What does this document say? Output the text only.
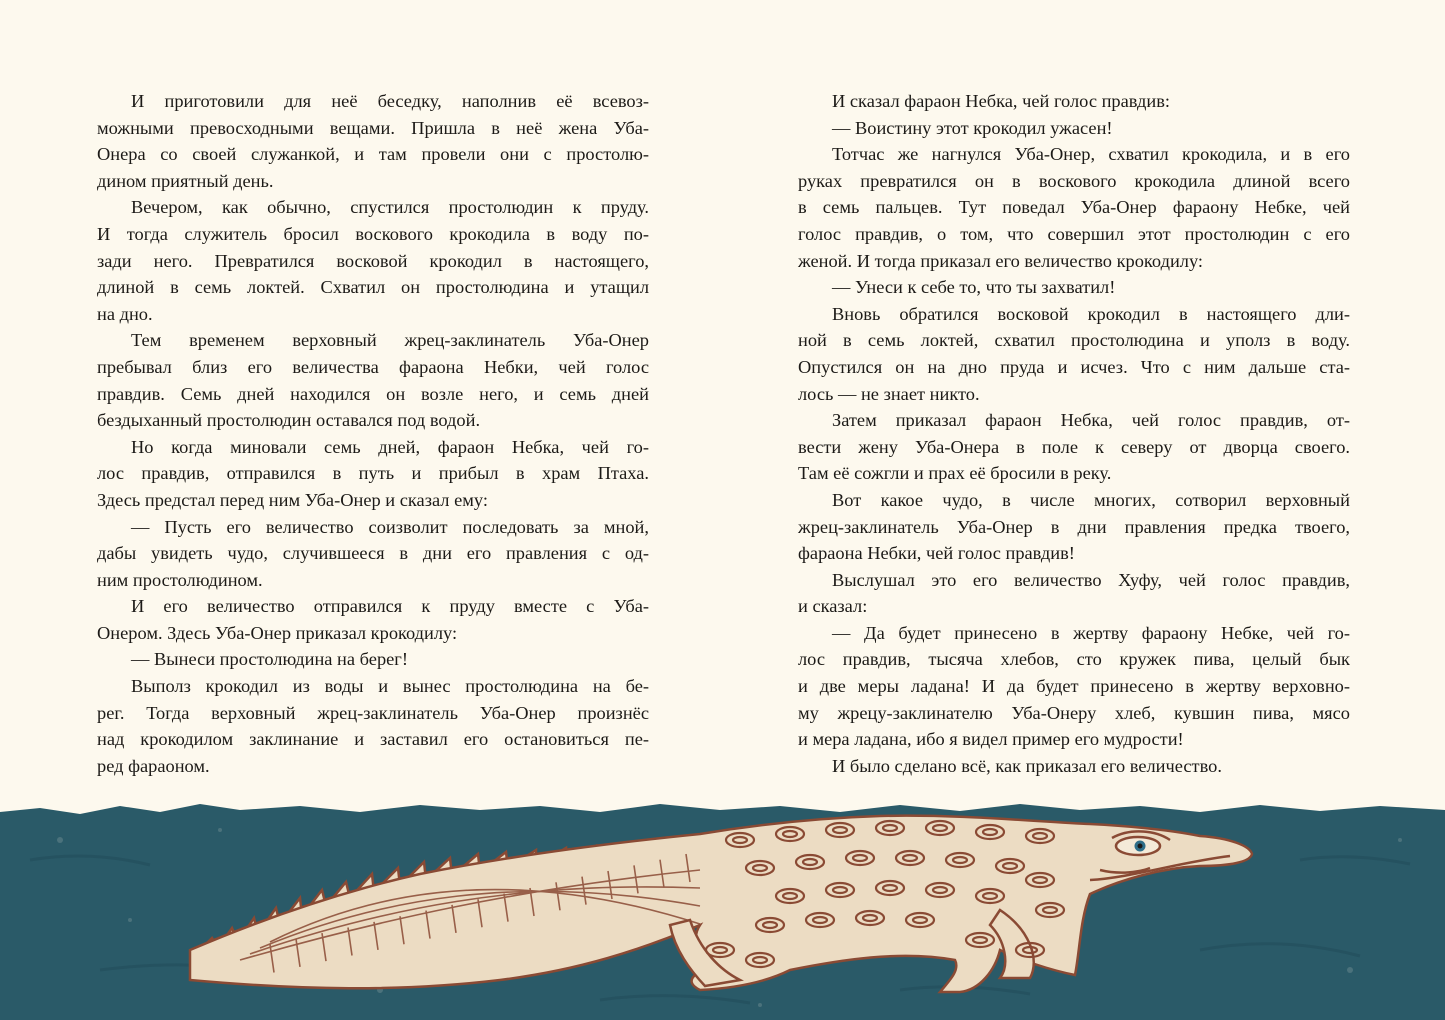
И приготовили для неё беседку, наполнив её всевоз-
можными превосходными вещами. Пришла в неё жена Уба-
Онера со своей служанкой, и там провели они с простолю-
дином приятный день.
Вечером, как обычно, спустился простолюдин к пруду.
И тогда служитель бросил воскового крокодила в воду по-
зади него. Превратился восковой крокодил в настоящего,
длиной в семь локтей. Схватил он простолюдина и утащил
на дно.
Тем временем верховный жрец-заклинатель Уба-Онер
пребывал близ его величества фараона Небки, чей голос
правдив. Семь дней находился он возле него, и семь дней
бездыханный простолюдин оставался под водой.
Но когда миновали семь дней, фараон Небка, чей го-
лос правдив, отправился в путь и прибыл в храм Птаха.
Здесь предстал перед ним Уба-Онер и сказал ему:
— Пусть его величество соизволит последовать за мной,
дабы увидеть чудо, случившееся в дни его правления с од-
ним простолюдином.
И его величество отправился к пруду вместе с Уба-
Онером. Здесь Уба-Онер приказал крокодилу:
— Вынеси простолюдина на берег!
Выполз крокодил из воды и вынес простолюдина на бе-
рег. Тогда верховный жрец-заклинатель Уба-Онер произнёс
над крокодилом заклинание и заставил его остановиться пе-
ред фараоном.
И сказал фараон Небка, чей голос правдив:
— Воистину этот крокодил ужасен!
Тотчас же нагнулся Уба-Онер, схватил крокодила, и в его
руках превратился он в воскового крокодила длиной всего
в семь пальцев. Тут поведал Уба-Онер фараону Небке, чей
голос правдив, о том, что совершил этот простолюдин с его
женой. И тогда приказал его величество крокодилу:
— Унеси к себе то, что ты захватил!
Вновь обратился восковой крокодил в настоящего дли-
ной в семь локтей, схватил простолюдина и уполз в воду.
Опустился он на дно пруда и исчез. Что с ним дальше ста-
лось — не знает никто.
Затем приказал фараон Небка, чей голос правдив, от-
вести жену Уба-Онера в поле к северу от дворца своего.
Там её сожгли и прах её бросили в реку.
Вот какое чудо, в числе многих, сотворил верховный
жрец-заклинатель Уба-Онер в дни правления предка твоего,
фараона Небки, чей голос правдив!
Выслушал это его величество Хуфу, чей голос правдив,
и сказал:
— Да будет принесено в жертву фараону Небке, чей го-
лос правдив, тысяча хлебов, сто кружек пива, целый бык
и две меры ладана! И да будет принесено в жертву верховно-
му жрецу-заклинателю Уба-Онеру хлеб, кувшин пива, мясо
и мера ладана, ибо я видел пример его мудрости!
И было сделано всё, как приказал его величество.
